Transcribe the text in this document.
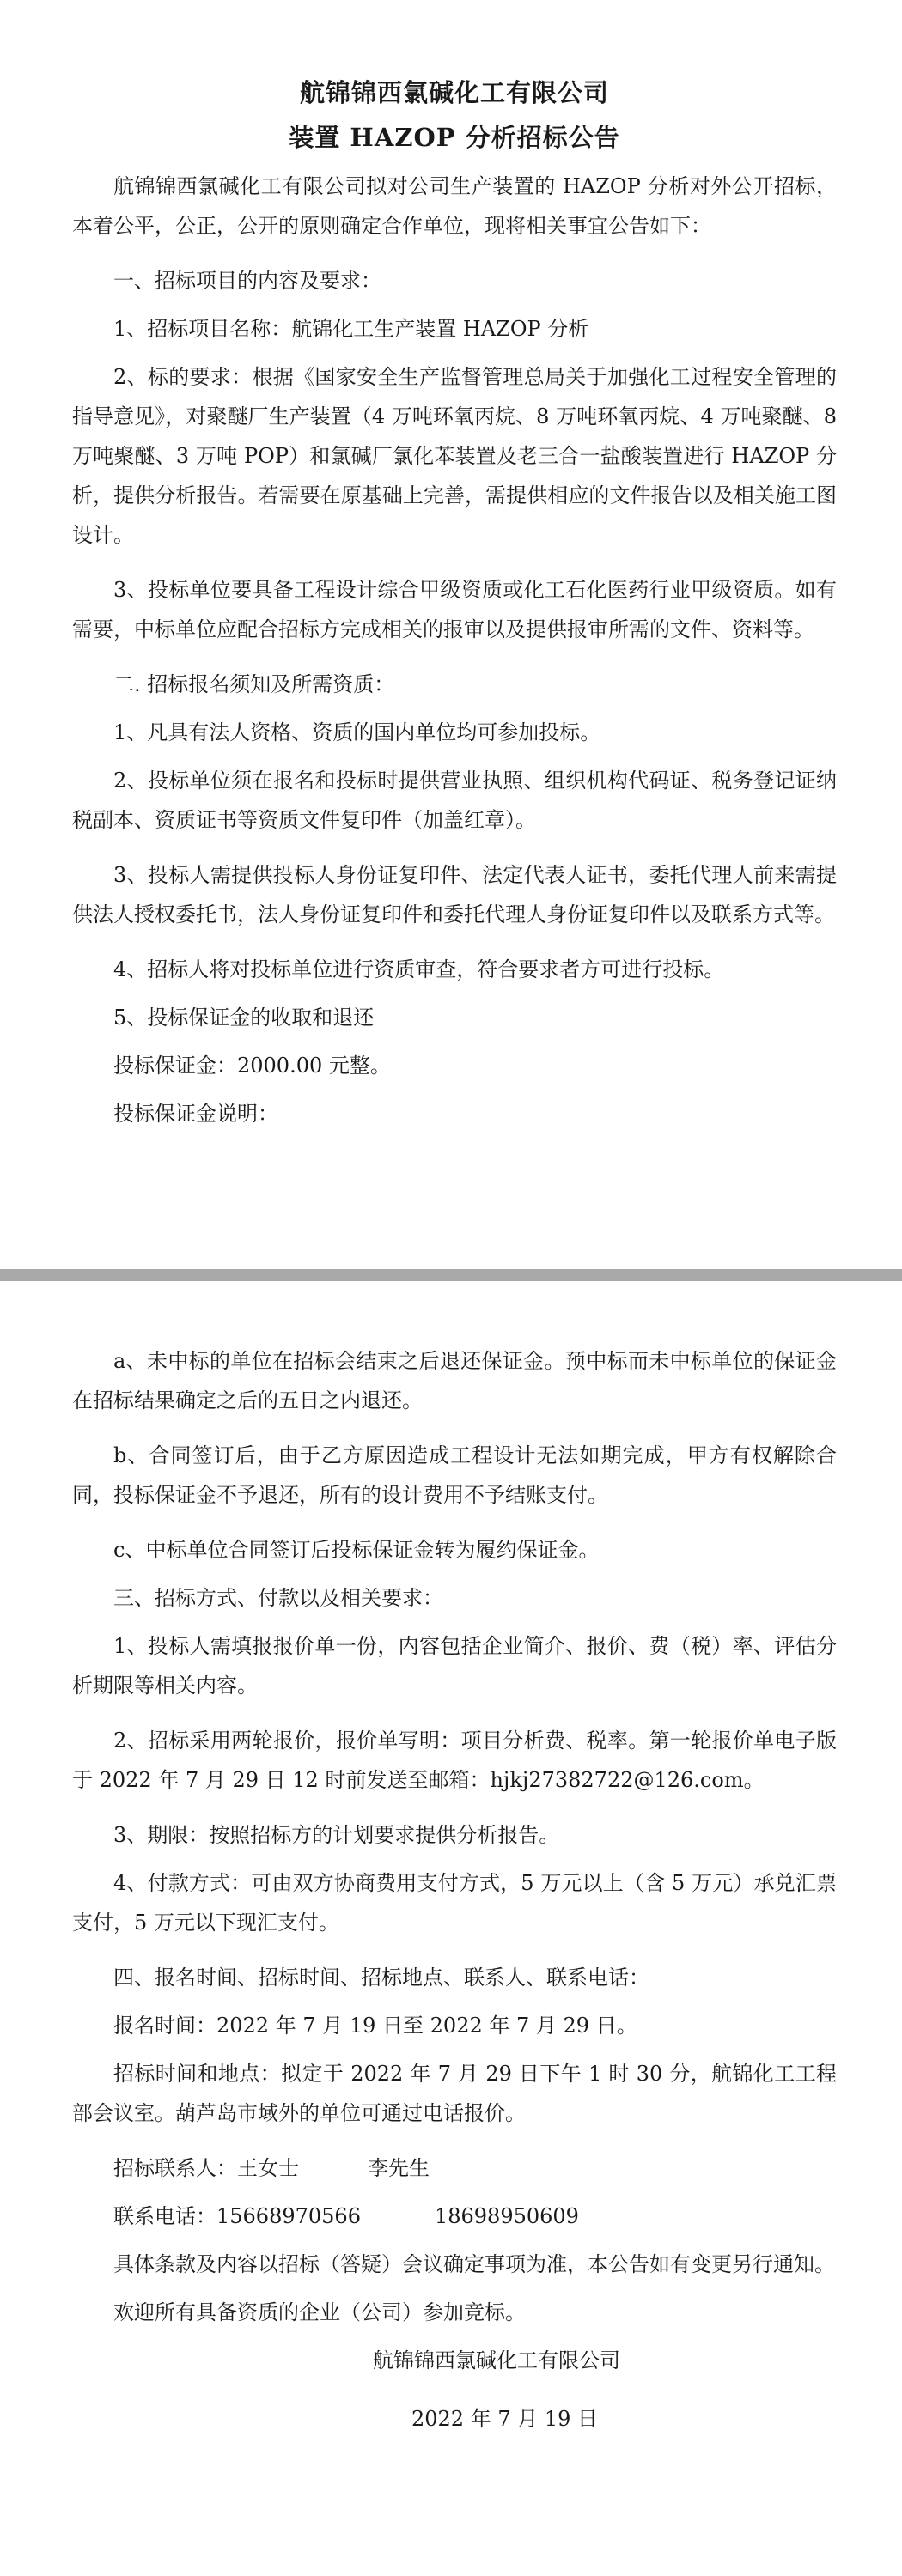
航锦锦西氯碱化工有限公司
装置 HAZOP 分析招标公告

航锦锦西氯碱化工有限公司拟对公司生产装置的 HAZOP 分析对外公开招标，本着公平，公正，公开的原则确定合作单位，现将相关事宜公告如下：

一、招标项目的内容及要求：

1、招标项目名称：航锦化工生产装置 HAZOP 分析

2、标的要求：根据《国家安全生产监督管理总局关于加强化工过程安全管理的指导意见》，对聚醚厂生产装置（4 万吨环氧丙烷、8 万吨环氧丙烷、4 万吨聚醚、8 万吨聚醚、3 万吨 POP）和氯碱厂氯化苯装置及老三合一盐酸装置进行 HAZOP 分析，提供分析报告。若需要在原基础上完善，需提供相应的文件报告以及相关施工图设计。

3、投标单位要具备工程设计综合甲级资质或化工石化医药行业甲级资质。如有需要，中标单位应配合招标方完成相关的报审以及提供报审所需的文件、资料等。

二. 招标报名须知及所需资质：

1、凡具有法人资格、资质的国内单位均可参加投标。

2、投标单位须在报名和投标时提供营业执照、组织机构代码证、税务登记证纳税副本、资质证书等资质文件复印件（加盖红章）。

3、投标人需提供投标人身份证复印件、法定代表人证书，委托代理人前来需提供法人授权委托书，法人身份证复印件和委托代理人身份证复印件以及联系方式等。

4、招标人将对投标单位进行资质审查，符合要求者方可进行投标。

5、投标保证金的收取和退还

投标保证金：2000.00 元整。

投标保证金说明：

a、未中标的单位在招标会结束之后退还保证金。预中标而未中标单位的保证金在招标结果确定之后的五日之内退还。

b、合同签订后，由于乙方原因造成工程设计无法如期完成，甲方有权解除合同，投标保证金不予退还，所有的设计费用不予结账支付。

c、中标单位合同签订后投标保证金转为履约保证金。

三、招标方式、付款以及相关要求：

1、投标人需填报报价单一份，内容包括企业简介、报价、费（税）率、评估分析期限等相关内容。

2、招标采用两轮报价，报价单写明：项目分析费、税率。第一轮报价单电子版于 2022 年 7 月 29 日 12 时前发送至邮箱：hjkj27382722@126.com。

3、期限：按照招标方的计划要求提供分析报告。

4、付款方式：可由双方协商费用支付方式，5 万元以上（含 5 万元）承兑汇票支付，5 万元以下现汇支付。

四、报名时间、招标时间、招标地点、联系人、联系电话：

报名时间：2022 年 7 月 19 日至 2022 年 7 月 29 日。

招标时间和地点：拟定于 2022 年 7 月 29 日下午 1 时 30 分，航锦化工工程部会议室。葫芦岛市域外的单位可通过电话报价。

招标联系人：王女士	李先生

联系电话：15668970566	18698950609

具体条款及内容以招标（答疑）会议确定事项为准，本公告如有变更另行通知。

欢迎所有具备资质的企业（公司）参加竞标。

航锦锦西氯碱化工有限公司

2022 年 7 月 19 日
